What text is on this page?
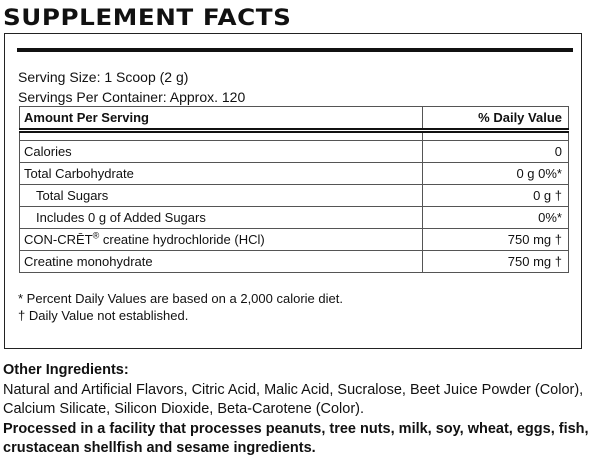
SUPPLEMENT FACTS
Serving Size: 1 Scoop (2 g)
Servings Per Container: Approx. 120
Amount Per Serving	% Daily Value

Calories	0
Total Carbohydrate	0 g 0%*
Total Sugars	0 g †
Includes 0 g of Added Sugars	0%*
CON-CRĒT® creatine hydrochloride (HCl)	750 mg †
Creatine monohydrate	750 mg †
* Percent Daily Values are based on a 2,000 calorie diet.
† Daily Value not established.
Other Ingredients:
Natural and Artificial Flavors, Citric Acid, Malic Acid, Sucralose, Beet Juice Powder (Color), Calcium Silicate, Silicon Dioxide, Beta-Carotene (Color).

Processed in a facility that processes peanuts, tree nuts, milk, soy, wheat, eggs, fish, crustacean shellfish and sesame ingredients.
